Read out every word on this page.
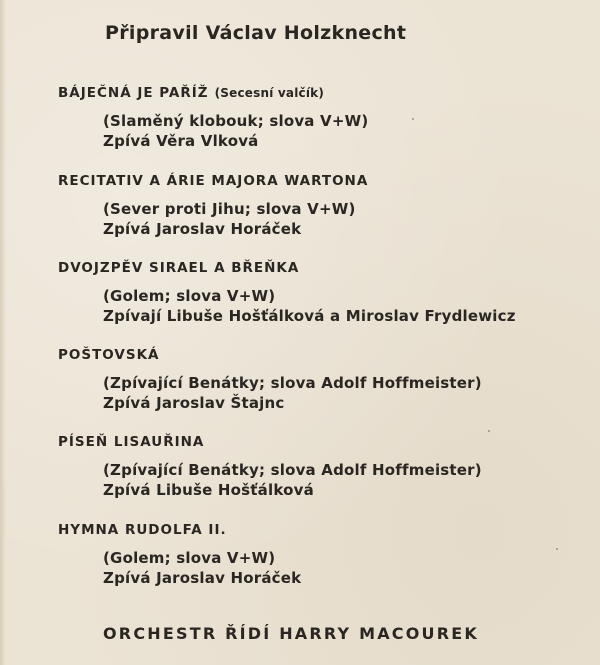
Připravil Václav Holzknecht
BÁJEČNÁ JE PAŘÍŽ (Secesní valčík)
(Slaměný klobouk; slova V+W)
Zpívá Věra Vlková
RECITATIV A ÁRIE MAJORA WARTONA
(Sever proti Jihu; slova V+W)
Zpívá Jaroslav Horáček
DVOJZPĚV SIRAEL A BŘEŇKA
(Golem; slova V+W)
Zpívají Libuše Hošťálková a Miroslav Frydlewicz
POŠTOVSKÁ
(Zpívající Benátky; slova Adolf Hoffmeister)
Zpívá Jaroslav Štajnc
PÍSEŇ LISAUŘINA
(Zpívající Benátky; slova Adolf Hoffmeister)
Zpívá Libuše Hošťálková
HYMNA RUDOLFA II.
(Golem; slova V+W)
Zpívá Jaroslav Horáček
ORCHESTR ŘÍDÍ HARRY MACOUREK
